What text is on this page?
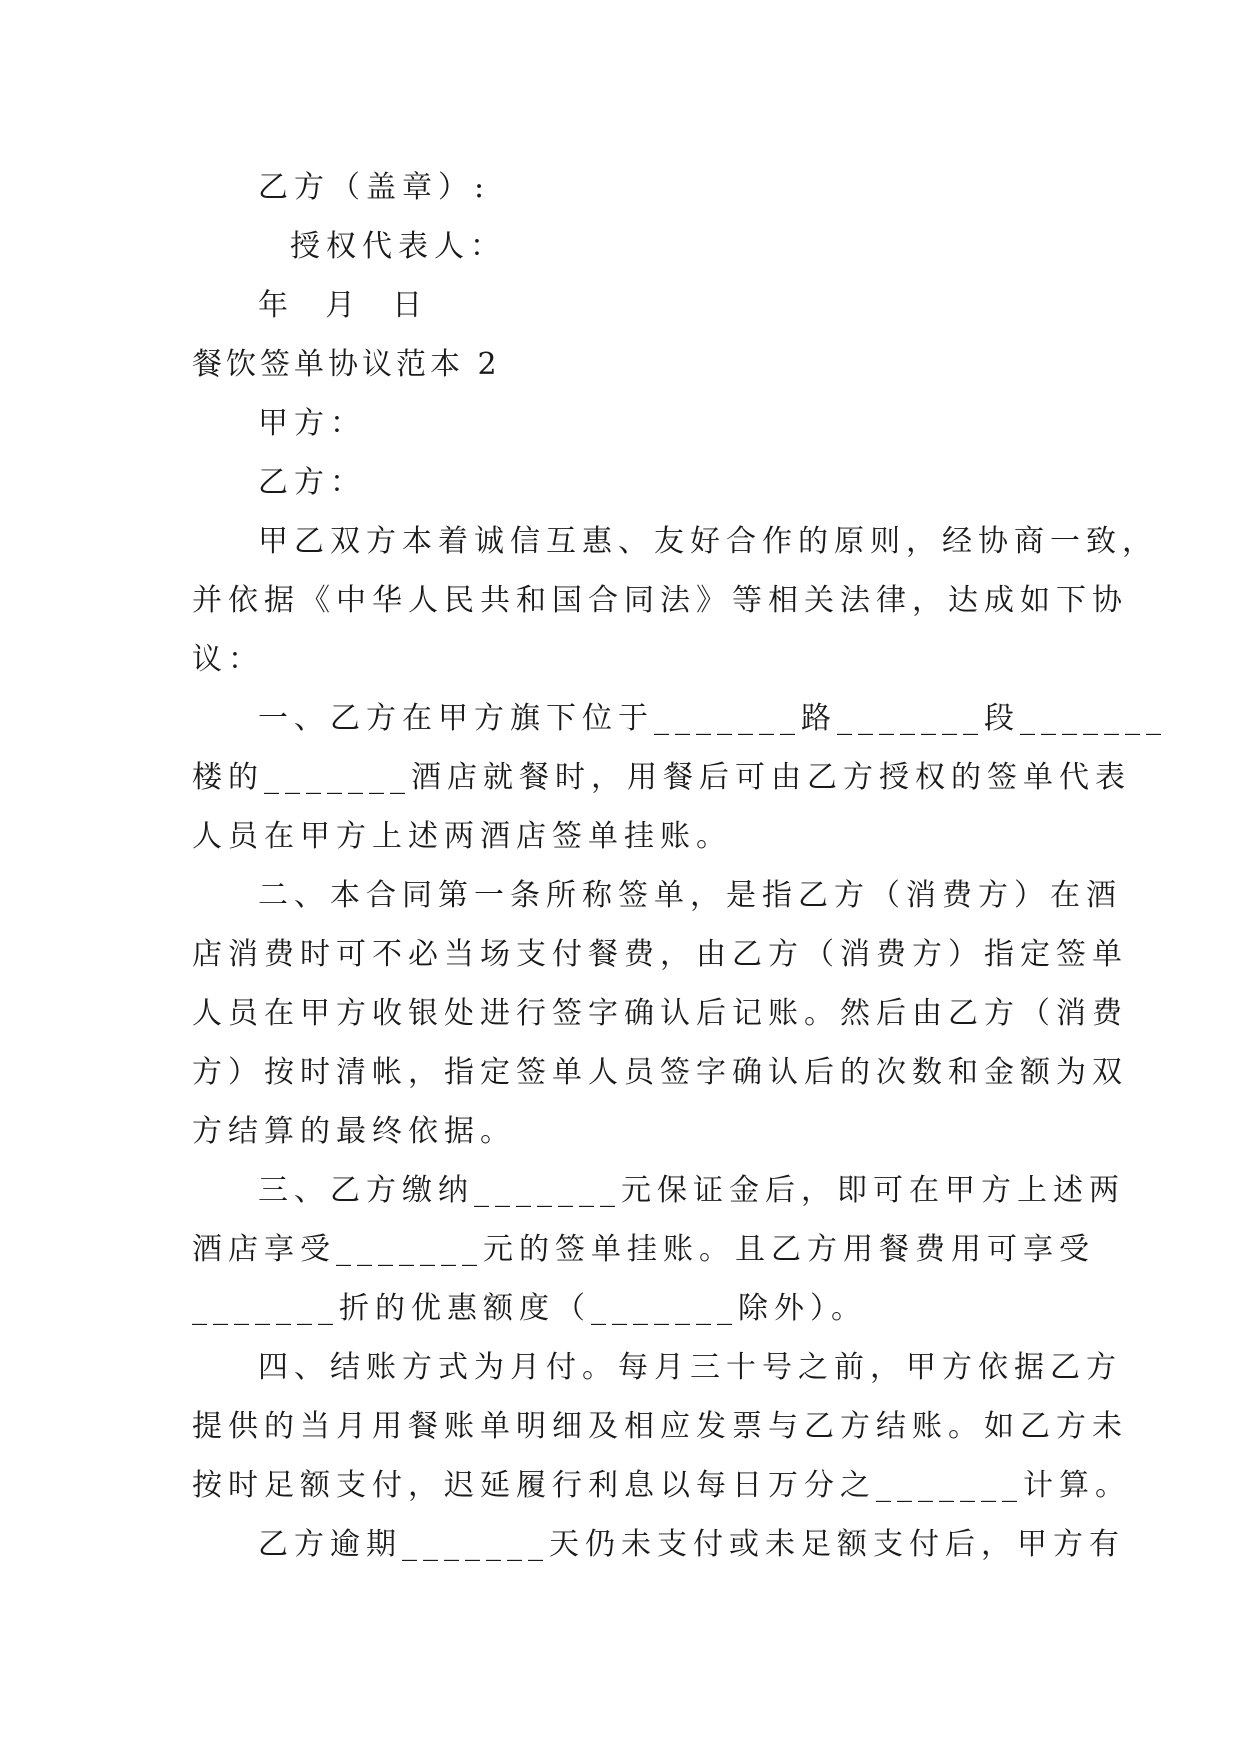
乙方（盖章）:
授权代表人：
年  月  日
餐饮签单协议范本 2
甲方：
乙方：
甲乙双方本着诚信互惠、友好合作的原则，经协商一致，
并依据《中华人民共和国合同法》等相关法律，达成如下协
议：
一、乙方在甲方旗下位于_______路_______段_______
楼的_______酒店就餐时，用餐后可由乙方授权的签单代表
人员在甲方上述两酒店签单挂账。
二、本合同第一条所称签单，是指乙方（消费方）在酒
店消费时可不必当场支付餐费，由乙方（消费方）指定签单
人员在甲方收银处进行签字确认后记账。然后由乙方（消费
方）按时清帐，指定签单人员签字确认后的次数和金额为双
方结算的最终依据。
三、乙方缴纳_______元保证金后，即可在甲方上述两
酒店享受_______元的签单挂账。且乙方用餐费用可享受
_______折的优惠额度（_______除外）。
四、结账方式为月付。每月三十号之前，甲方依据乙方
提供的当月用餐账单明细及相应发票与乙方结账。如乙方未
按时足额支付，迟延履行利息以每日万分之_______计算。
乙方逾期_______天仍未支付或未足额支付后，甲方有
